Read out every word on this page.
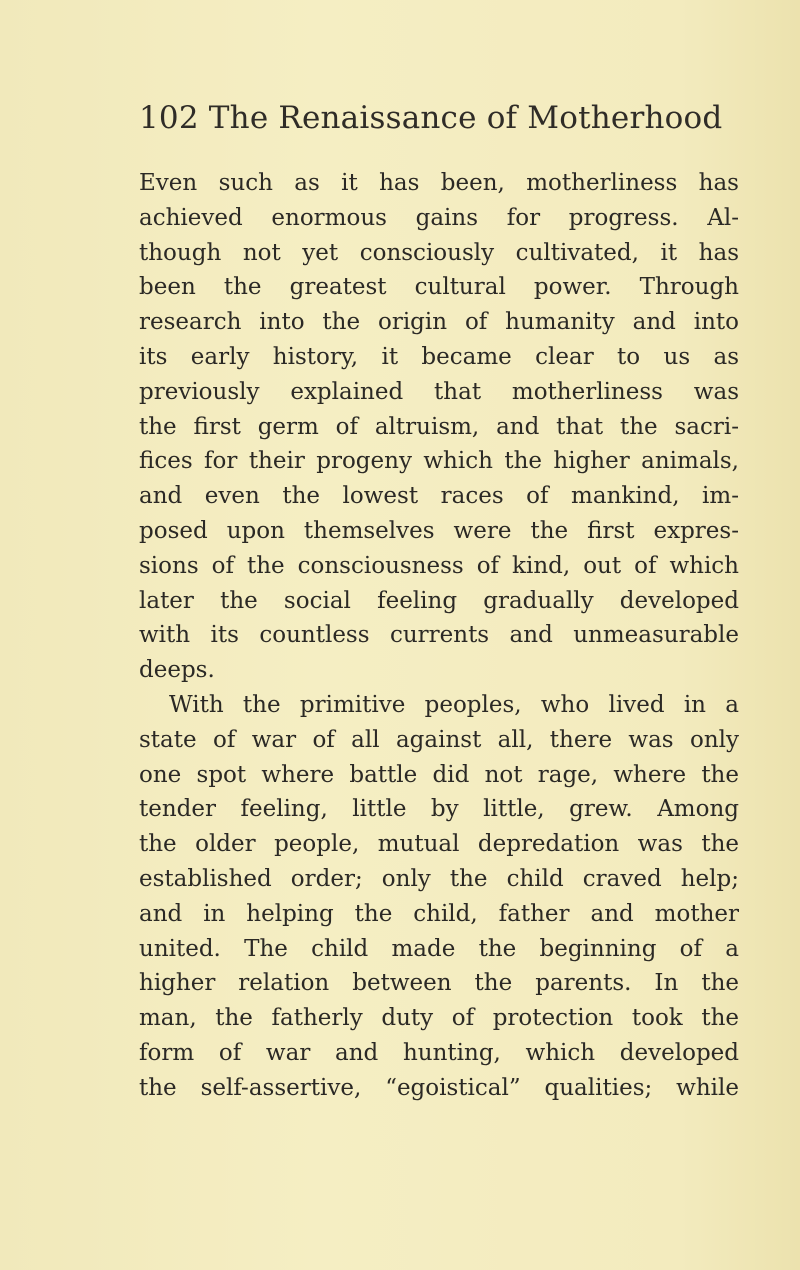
102 The Renaissance of Motherhood
Even such as it has been, motherliness has
achieved enormous gains for progress. Al-
though not yet consciously cultivated, it has
been the greatest cultural power. Through
research into the origin of humanity and into
its early history, it became clear to us as
previously explained that motherliness was
the first germ of altruism, and that the sacri-
fices for their progeny which the higher animals,
and even the lowest races of mankind, im-
posed upon themselves were the first expres-
sions of the consciousness of kind, out of which
later the social feeling gradually developed
with its countless currents and unmeasurable
deeps.
With the primitive peoples, who lived in a
state of war of all against all, there was only
one spot where battle did not rage, where the
tender feeling, little by little, grew. Among
the older people, mutual depredation was the
established order; only the child craved help;
and in helping the child, father and mother
united. The child made the beginning of a
higher relation between the parents. In the
man, the fatherly duty of protection took the
form of war and hunting, which developed
the self-assertive, “egoistical” qualities; while
